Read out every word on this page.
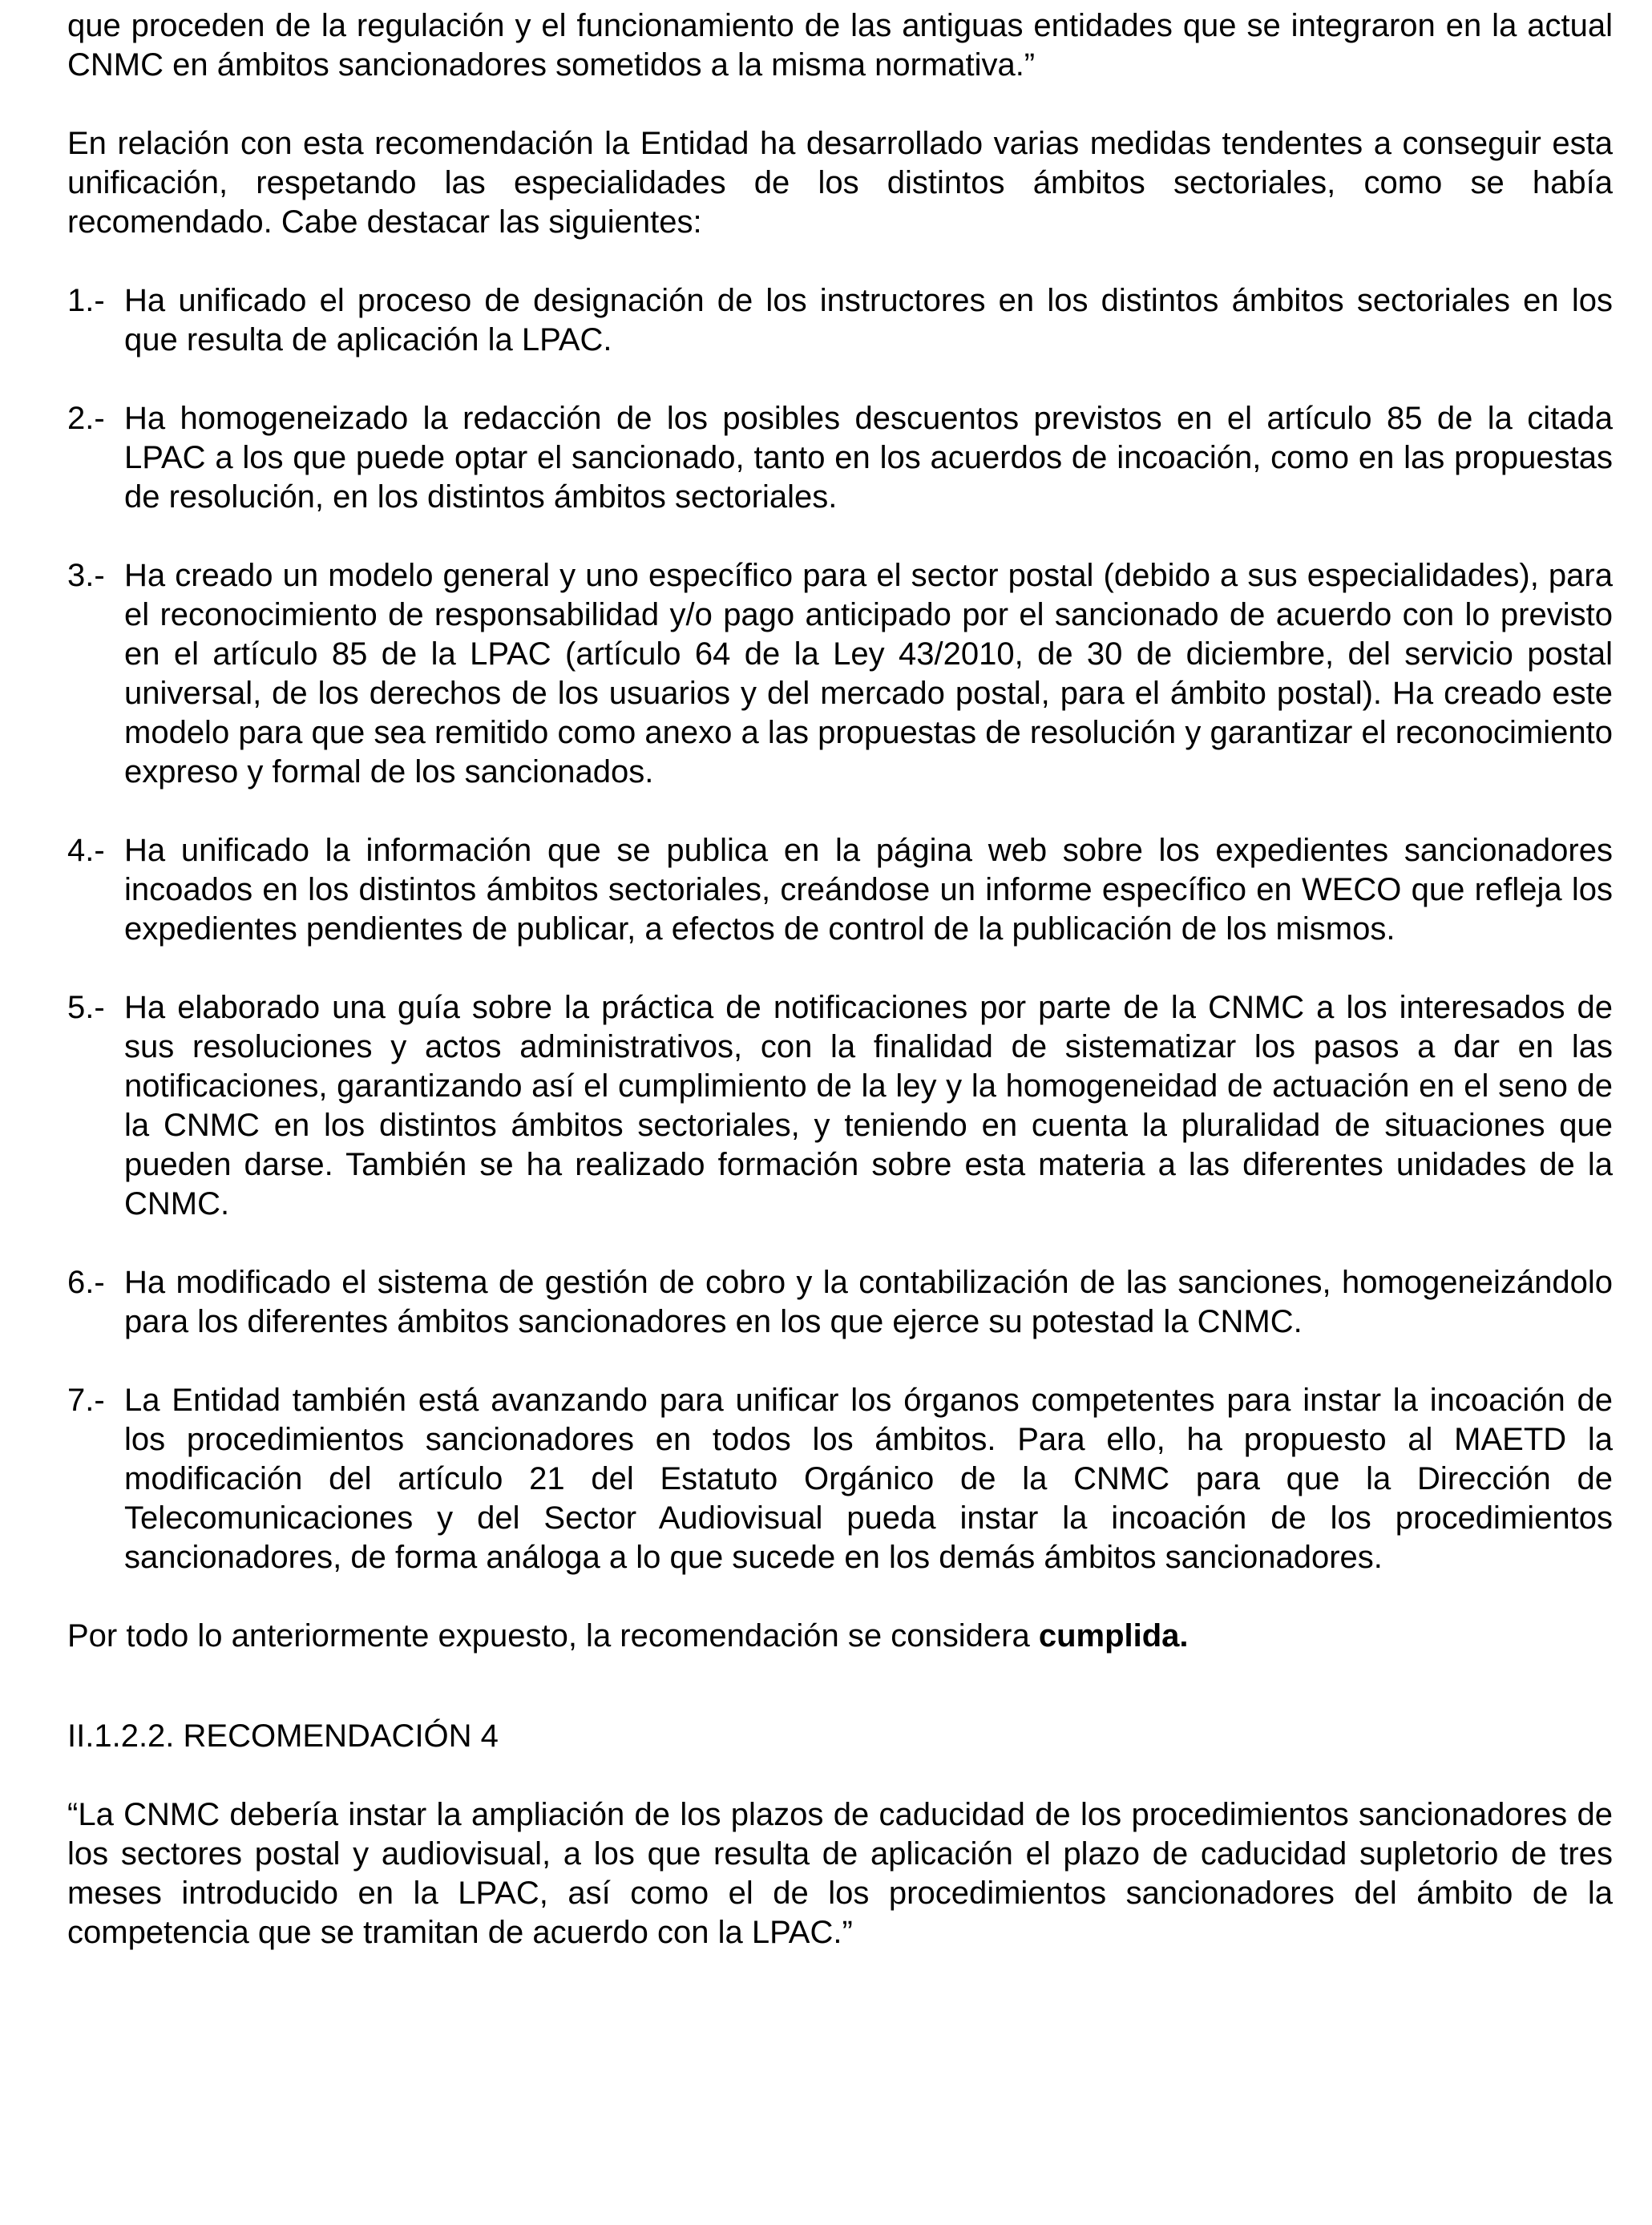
que proceden de la regulación y el funcionamiento de las antiguas entidades que se integraron en la actual CNMC en ámbitos sancionadores sometidos a la misma normativa.”

En relación con esta recomendación la Entidad ha desarrollado varias medidas tendentes a conseguir esta unificación, respetando las especialidades de los distintos ámbitos sectoriales, como se había recomendado. Cabe destacar las siguientes:

1.- Ha unificado el proceso de designación de los instructores en los distintos ámbitos sectoriales en los que resulta de aplicación la LPAC.
2.- Ha homogeneizado la redacción de los posibles descuentos previstos en el artículo 85 de la citada LPAC a los que puede optar el sancionado, tanto en los acuerdos de incoación, como en las propuestas de resolución, en los distintos ámbitos sectoriales.
3.- Ha creado un modelo general y uno específico para el sector postal (debido a sus especialidades), para el reconocimiento de responsabilidad y/o pago anticipado por el sancionado de acuerdo con lo previsto en el artículo 85 de la LPAC (artículo 64 de la Ley 43/2010, de 30 de diciembre, del servicio postal universal, de los derechos de los usuarios y del mercado postal, para el ámbito postal). Ha creado este modelo para que sea remitido como anexo a las propuestas de resolución y garantizar el reconocimiento expreso y formal de los sancionados.
4.- Ha unificado la información que se publica en la página web sobre los expedientes sancionadores incoados en los distintos ámbitos sectoriales, creándose un informe específico en WECO que refleja los expedientes pendientes de publicar, a efectos de control de la publicación de los mismos.
5.- Ha elaborado una guía sobre la práctica de notificaciones por parte de la CNMC a los interesados de sus resoluciones y actos administrativos, con la finalidad de sistematizar los pasos a dar en las notificaciones, garantizando así el cumplimiento de la ley y la homogeneidad de actuación en el seno de la CNMC en los distintos ámbitos sectoriales, y teniendo en cuenta la pluralidad de situaciones que pueden darse. También se ha realizado formación sobre esta materia a las diferentes unidades de la CNMC.
6.- Ha modificado el sistema de gestión de cobro y la contabilización de las sanciones, homogeneizándolo para los diferentes ámbitos sancionadores en los que ejerce su potestad la CNMC.
7.- La Entidad también está avanzando para unificar los órganos competentes para instar la incoación de los procedimientos sancionadores en todos los ámbitos. Para ello, ha propuesto al MAETD la modificación del artículo 21 del Estatuto Orgánico de la CNMC para que la Dirección de Telecomunicaciones y del Sector Audiovisual pueda instar la incoación de los procedimientos sancionadores, de forma análoga a lo que sucede en los demás ámbitos sancionadores.

Por todo lo anteriormente expuesto, la recomendación se considera cumplida.

II.1.2.2. RECOMENDACIÓN 4

“La CNMC debería instar la ampliación de los plazos de caducidad de los procedimientos sancionadores de los sectores postal y audiovisual, a los que resulta de aplicación el plazo de caducidad supletorio de tres meses introducido en la LPAC, así como el de los procedimientos sancionadores del ámbito de la competencia que se tramitan de acuerdo con la LPAC.”
